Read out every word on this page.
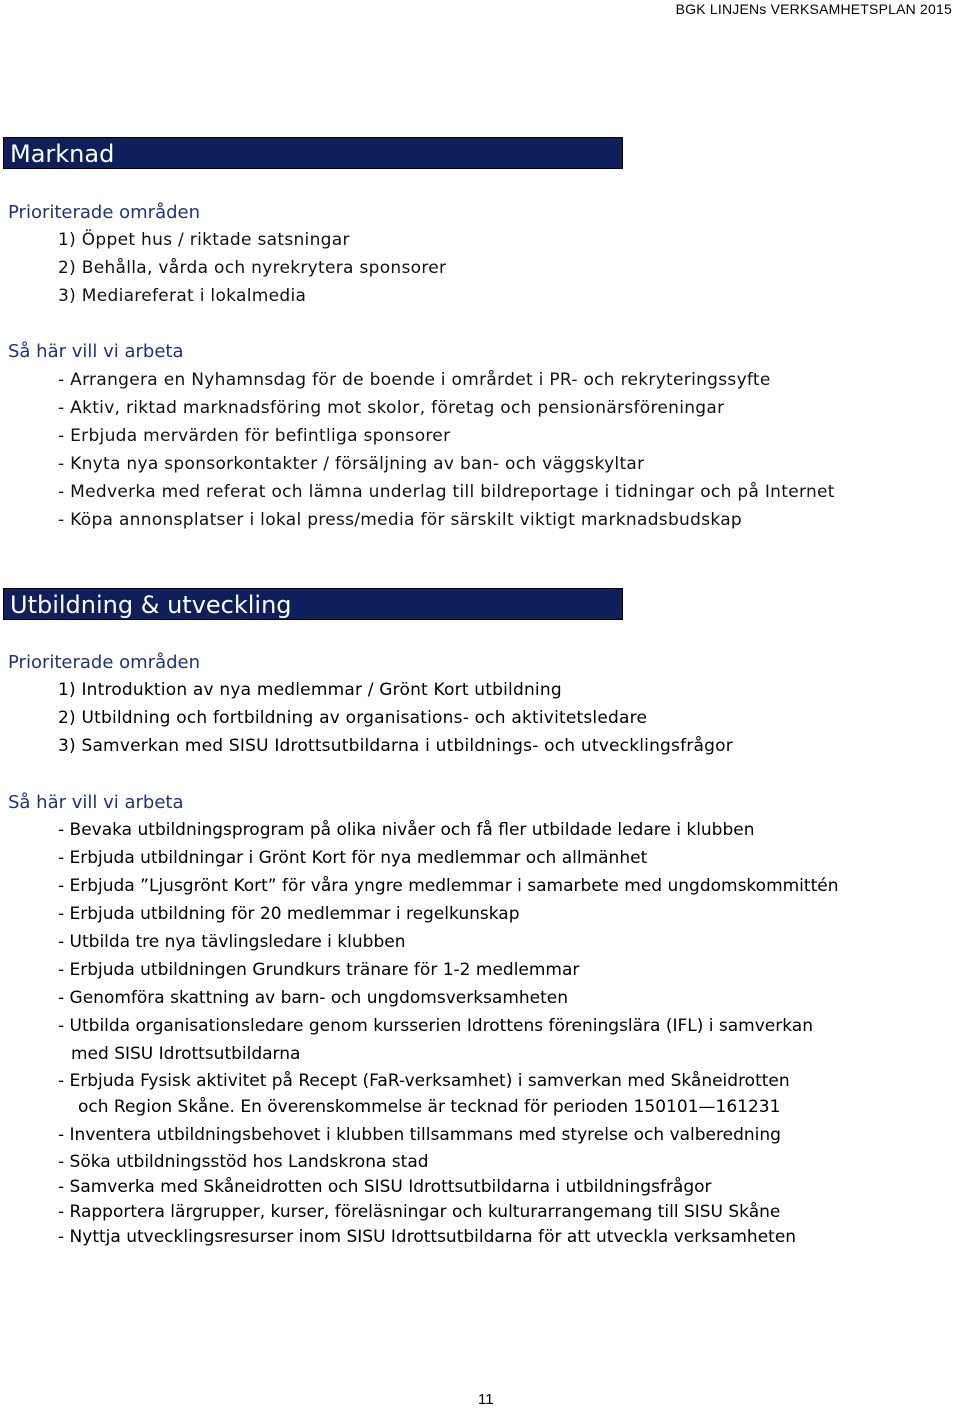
BGK LINJENs VERKSAMHETSPLAN 2015
Marknad
Prioriterade områden
1) Öppet hus / riktade satsningar
2) Behålla, vårda och nyrekrytera sponsorer
3) Mediareferat i lokalmedia
Så här vill vi arbeta
- Arrangera en Nyhamnsdag för de boende i områrdet i PR- och rekryteringssyfte
- Aktiv, riktad marknadsföring mot skolor, företag och pensionärsföreningar
- Erbjuda mervärden för befintliga sponsorer
- Knyta nya sponsorkontakter / försäljning av ban- och väggskyltar
- Medverka med referat och lämna underlag till bildreportage i tidningar och på Internet
- Köpa annonsplatser i lokal press/media för särskilt viktigt marknadsbudskap
Utbildning & utveckling
Prioriterade områden
1) Introduktion av nya medlemmar / Grönt Kort utbildning
2) Utbildning och fortbildning av organisations- och aktivitetsledare
3) Samverkan med SISU Idrottsutbildarna i utbildnings- och utvecklingsfrågor
Så här vill vi arbeta
- Bevaka utbildningsprogram på olika nivåer och få fler utbildade ledare i klubben
- Erbjuda utbildningar i Grönt Kort för nya medlemmar och allmänhet
- Erbjuda ”Ljusgrönt Kort” för våra yngre medlemmar i samarbete med ungdomskommittén
- Erbjuda utbildning för 20 medlemmar i regelkunskap
- Utbilda tre nya tävlingsledare i klubben
- Erbjuda utbildningen Grundkurs tränare för 1-2 medlemmar
- Genomföra skattning av barn- och ungdomsverksamheten
- Utbilda organisationsledare genom kursserien Idrottens föreningslära (IFL) i samverkan
med SISU Idrottsutbildarna
- Erbjuda Fysisk aktivitet på Recept (FaR-verksamhet) i samverkan med Skåneidrotten
och Region Skåne. En överenskommelse är tecknad för perioden 150101—161231
- Inventera utbildningsbehovet i klubben tillsammans med styrelse och valberedning
- Söka utbildningsstöd hos Landskrona stad
- Samverka med Skåneidrotten och SISU Idrottsutbildarna i utbildningsfrågor
- Rapportera lärgrupper, kurser, föreläsningar och kulturarrangemang till SISU Skåne
- Nyttja utvecklingsresurser inom SISU Idrottsutbildarna för att utveckla verksamheten
11
